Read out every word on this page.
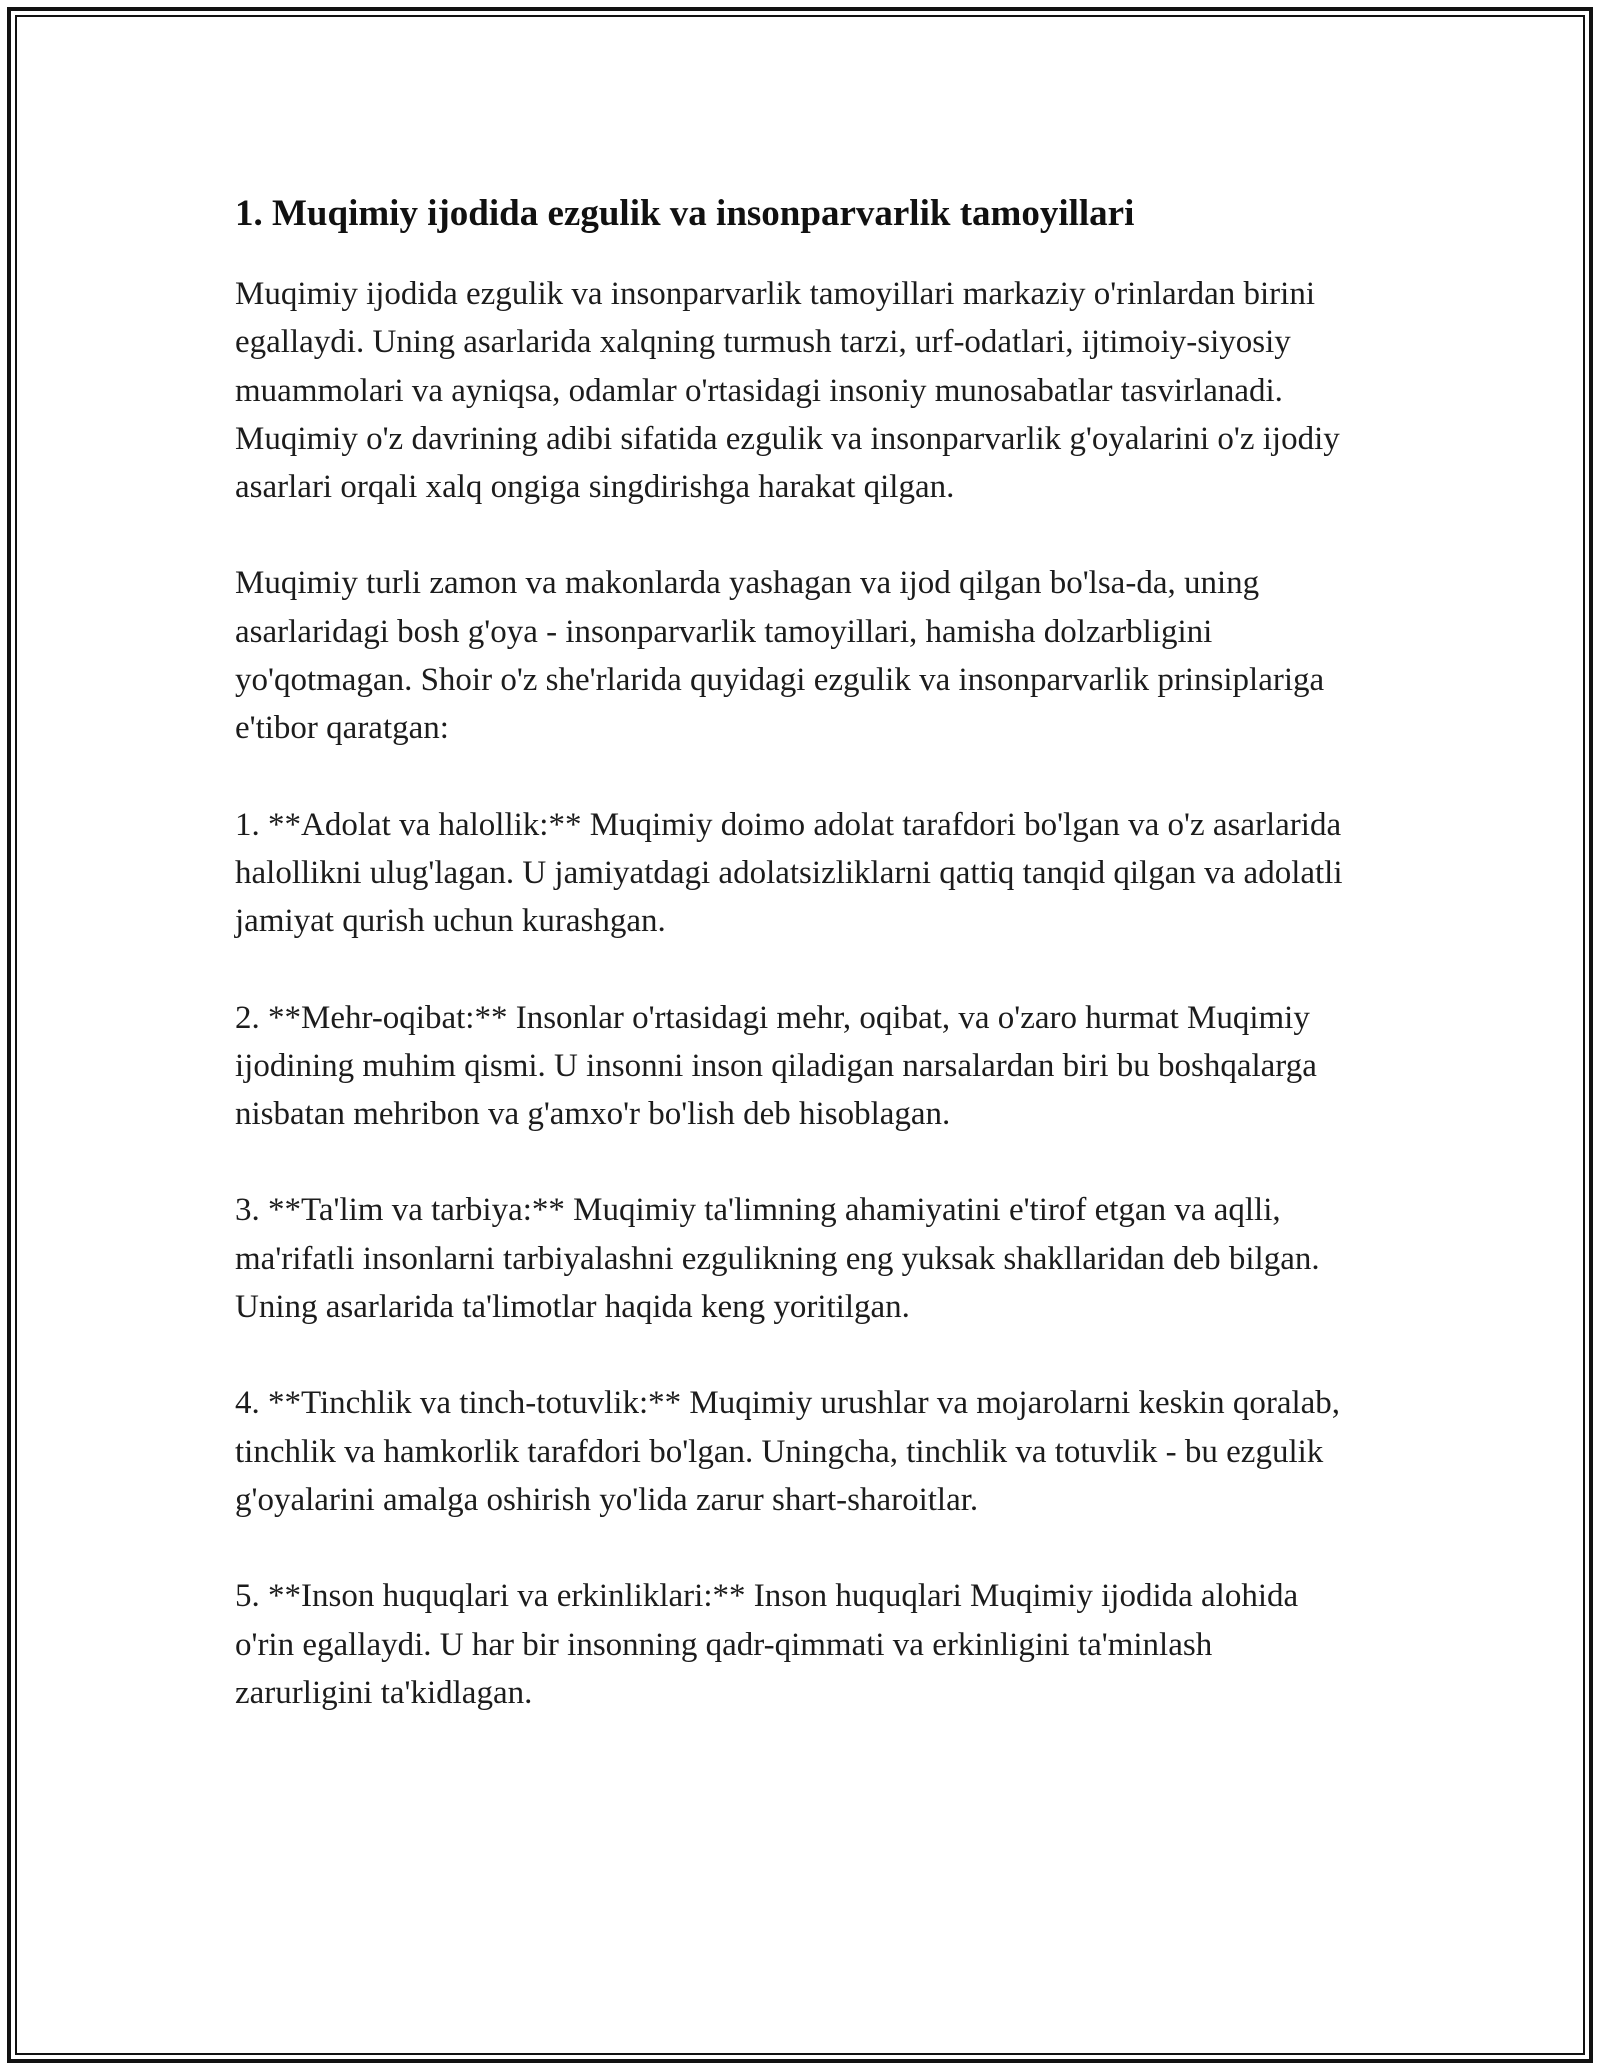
1. Muqimiy ijodida ezgulik va insonparvarlik tamoyillari

Muqimiy ijodida ezgulik va insonparvarlik tamoyillari markaziy o'rinlardan birini egallaydi. Uning asarlarida xalqning turmush tarzi, urf-odatlari, ijtimoiy-siyosiy muammolari va ayniqsa, odamlar o'rtasidagi insoniy munosabatlar tasvirlanadi. Muqimiy o'z davrining adibi sifatida ezgulik va insonparvarlik g'oyalarini o'z ijodiy asarlari orqali xalq ongiga singdirishga harakat qilgan.

Muqimiy turli zamon va makonlarda yashagan va ijod qilgan bo'lsa-da, uning asarlaridagi bosh g'oya - insonparvarlik tamoyillari, hamisha dolzarbligini yo'qotmagan. Shoir o'z she'rlarida quyidagi ezgulik va insonparvarlik prinsiplariga e'tibor qaratgan:

1. **Adolat va halollik:** Muqimiy doimo adolat tarafdori bo'lgan va o'z asarlarida halollikni ulug'lagan. U jamiyatdagi adolatsizliklarni qattiq tanqid qilgan va adolatli jamiyat qurish uchun kurashgan.

2. **Mehr-oqibat:** Insonlar o'rtasidagi mehr, oqibat, va o'zaro hurmat Muqimiy ijodining muhim qismi. U insonni inson qiladigan narsalardan biri bu boshqalarga nisbatan mehribon va g'amxo'r bo'lish deb hisoblagan.

3. **Ta'lim va tarbiya:** Muqimiy ta'limning ahamiyatini e'tirof etgan va aqlli, ma'rifatli insonlarni tarbiyalashni ezgulikning eng yuksak shakllaridan deb bilgan. Uning asarlarida ta'limotlar haqida keng yoritilgan.

4. **Tinchlik va tinch-totuvlik:** Muqimiy urushlar va mojarolarni keskin qoralab, tinchlik va hamkorlik tarafdori bo'lgan. Uningcha, tinchlik va totuvlik - bu ezgulik g'oyalarini amalga oshirish yo'lida zarur shart-sharoitlar.

5. **Inson huquqlari va erkinliklari:** Inson huquqlari Muqimiy ijodida alohida o'rin egallaydi. U har bir insonning qadr-qimmati va erkinligini ta'minlash zarurligini ta'kidlagan.
